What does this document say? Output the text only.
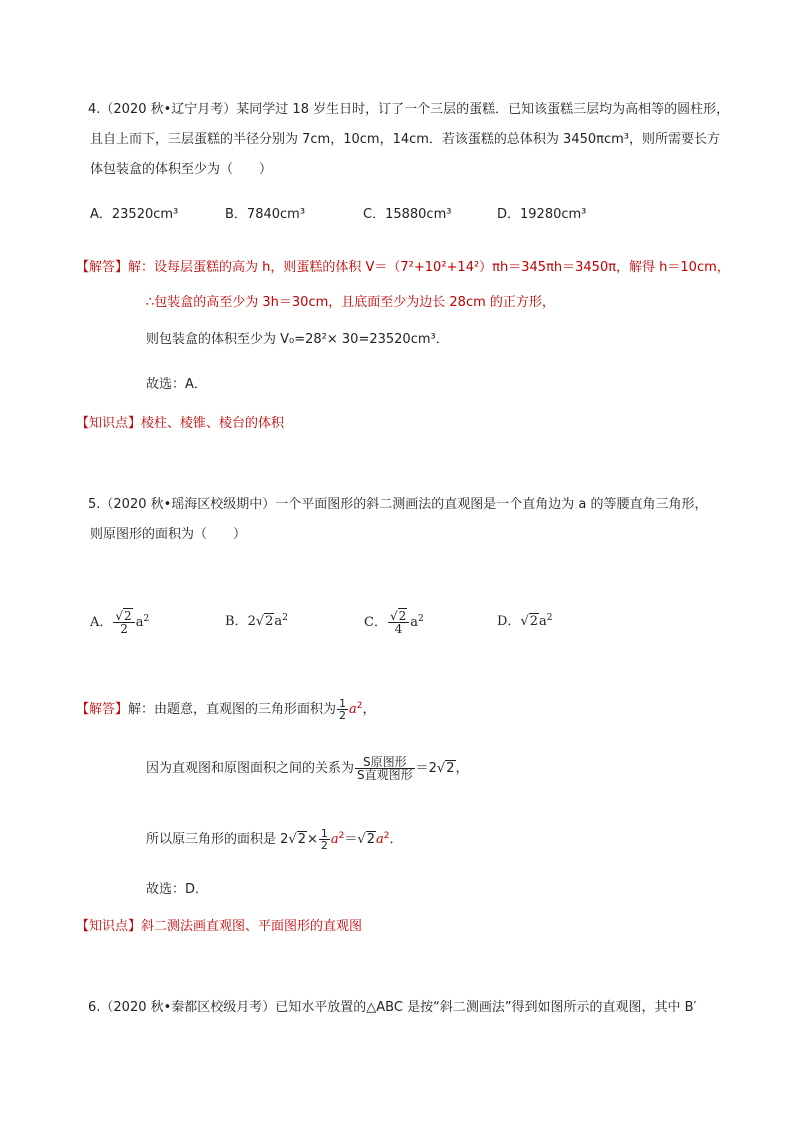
4.（2020 秋•辽宁月考）某同学过 18 岁生日时，订了一个三层的蛋糕．已知该蛋糕三层均为高相等的圆柱形，
且自上而下，三层蛋糕的半径分别为 7cm，10cm，14cm．若该蛋糕的总体积为 3450πcm³，则所需要长方
体包装盒的体积至少为（　　）
A．23520cm³	B．7840cm³	C．15880cm³	D．19280cm³
【解答】解：设每层蛋糕的高为 h，则蛋糕的体积 V＝（7²+10²+14²）πh＝345πh＝3450π，解得 h＝10cm，
∴包装盒的高至少为 3h＝30cm，且底面至少为边长 28cm 的正方形，
则包装盒的体积至少为 V₀=28²× 30=23520cm³．
故选：A．
【知识点】棱柱、棱锥、棱台的体积
5.（2020 秋•瑶海区校级期中）一个平面图形的斜二测画法的直观图是一个直角边为 a 的等腰直角三角形，
则原图形的面积为（　　）
A． $\frac{√2}{2} a^2$	B．$2√2a^2$	C． $\frac{√2}{4} a^2$	D．$√2a^2$
【解答】解：由题意，直观图的三角形面积为 $\frac{1}{2} a^2$，
因为直观图和原图面积之间的关系为 $\frac{\text{S原图形}}{\text{S直观图形}} =2√2$，
所以原三角形的面积是 $2√2\times \frac{1}{2} a^2=√2a^2$．
故选：D．
【知识点】斜二测法画直观图、平面图形的直观图
6.（2020 秋•秦都区校级月考）已知水平放置的△ABC 是按“斜二测画法”得到如图所示的直观图，其中 B′
